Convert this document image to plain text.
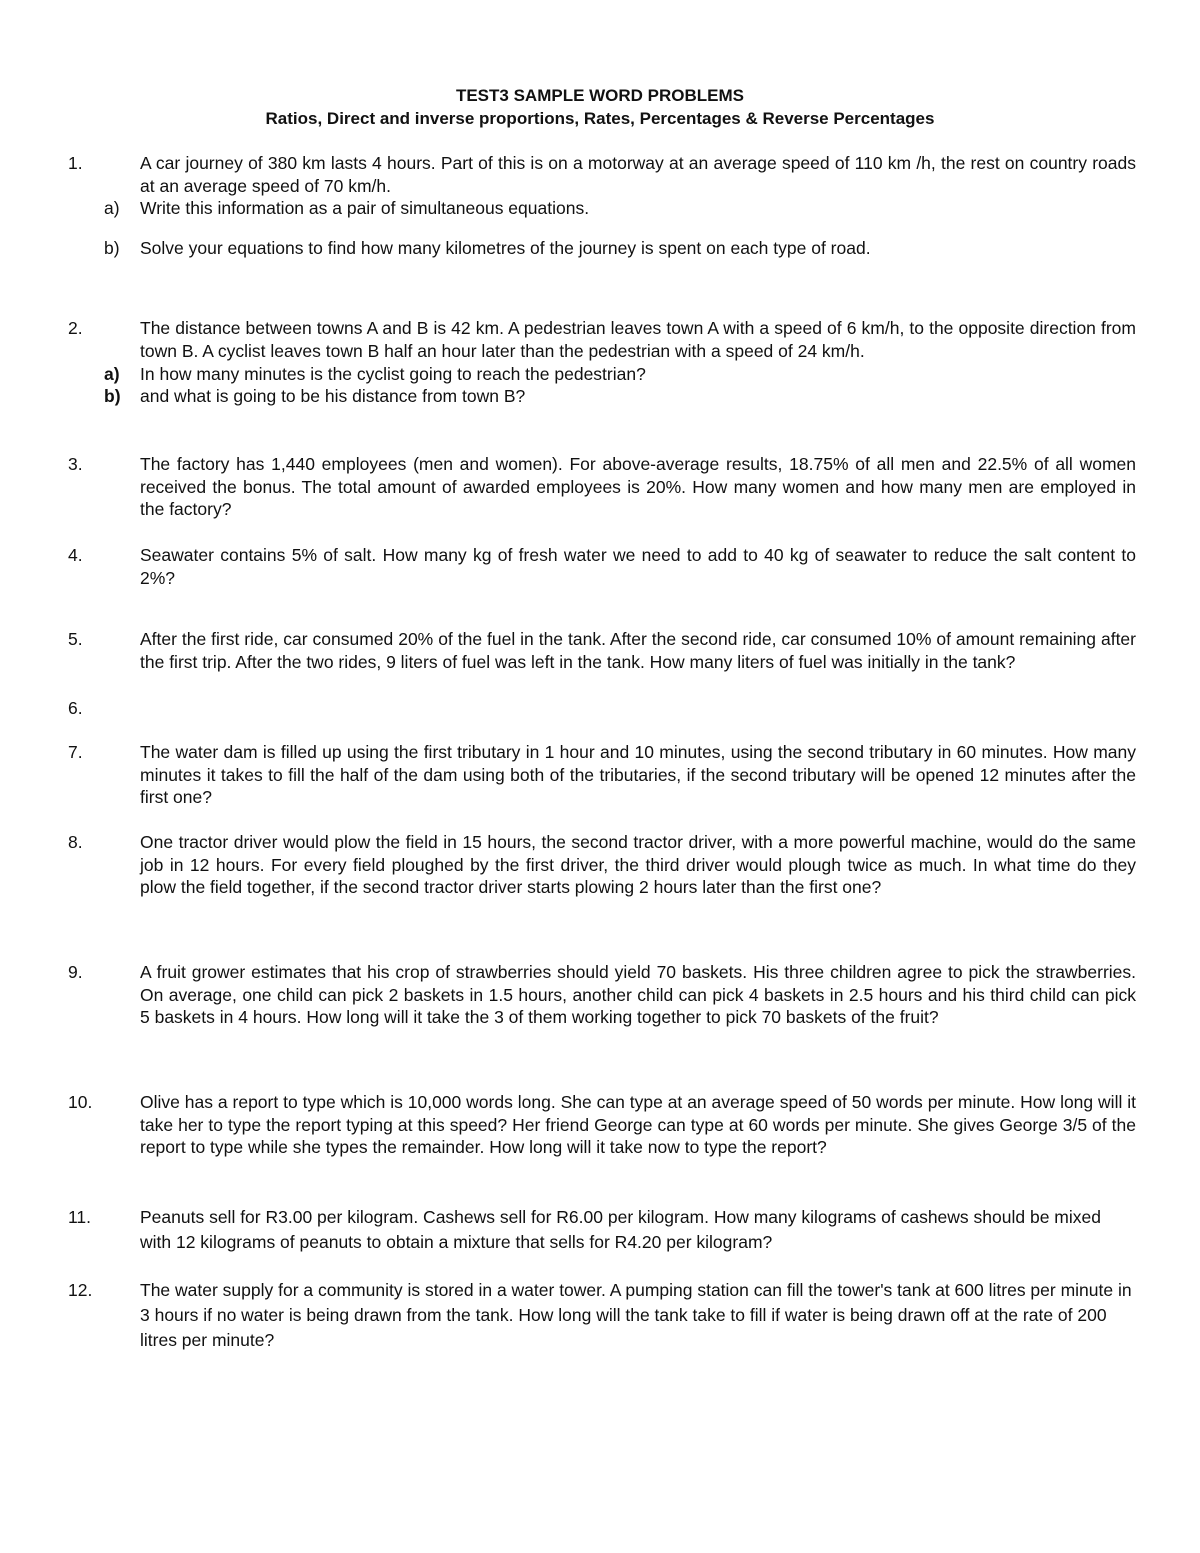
TEST3 SAMPLE WORD PROBLEMS
Ratios, Direct and inverse proportions, Rates, Percentages & Reverse Percentages
1.	A car journey of 380 km lasts 4 hours. Part of this is on a motorway at an average speed of 110 km /h, the rest on country roads at an average speed of 70 km/h.
a) Write this information as a pair of simultaneous equations.
b) Solve your equations to find how many kilometres of the journey is spent on each type of road.
2.	The distance between towns A and B is 42 km. A pedestrian leaves town A with a speed of 6 km/h, to the opposite direction from town B. A cyclist leaves town B half an hour later than the pedestrian with a speed of 24 km/h.
a) In how many minutes is the cyclist going to reach the pedestrian?
b) and what is going to be his distance from town B?
3.	The factory has 1,440 employees (men and women). For above-average results, 18.75% of all men and 22.5% of all women received the bonus. The total amount of awarded employees is 20%. How many women and how many men are employed in the factory?
4.	Seawater contains 5% of salt. How many kg of fresh water we need to add to 40 kg of seawater to reduce the salt content to 2%?
5.	After the first ride, car consumed 20% of the fuel in the tank. After the second ride, car consumed 10% of amount remaining after the first trip. After the two rides, 9 liters of fuel was left in the tank. How many liters of fuel was initially in the tank?
6.
7.	The water dam is filled up using the first tributary in 1 hour and 10 minutes, using the second tributary in 60 minutes. How many minutes it takes to fill the half of the dam using both of the tributaries, if the second tributary will be opened 12 minutes after the first one?
8.	One tractor driver would plow the field in 15 hours, the second tractor driver, with a more powerful machine, would do the same job in 12 hours. For every field ploughed by the first driver, the third driver would plough twice as much. In what time do they plow the field together, if the second tractor driver starts plowing 2 hours later than the first one?
9.	A fruit grower estimates that his crop of strawberries should yield 70 baskets. His three children agree to pick the strawberries. On average, one child can pick 2 baskets in 1.5 hours, another child can pick 4 baskets in 2.5 hours and his third child can pick 5 baskets in 4 hours. How long will it take the 3 of them working together to pick 70 baskets of the fruit?
10.	Olive has a report to type which is 10,000 words long. She can type at an average speed of 50 words per minute. How long will it take her to type the report typing at this speed? Her friend George can type at 60 words per minute. She gives George 3/5 of the report to type while she types the remainder. How long will it take now to type the report?
11.	Peanuts sell for R3.00 per kilogram. Cashews sell for R6.00 per kilogram. How many kilograms of cashews should be mixed with 12 kilograms of peanuts to obtain a mixture that sells for R4.20 per kilogram?
12.	The water supply for a community is stored in a water tower. A pumping station can fill the tower's tank at 600 litres per minute in 3 hours if no water is being drawn from the tank. How long will the tank take to fill if water is being drawn off at the rate of 200 litres per minute?
